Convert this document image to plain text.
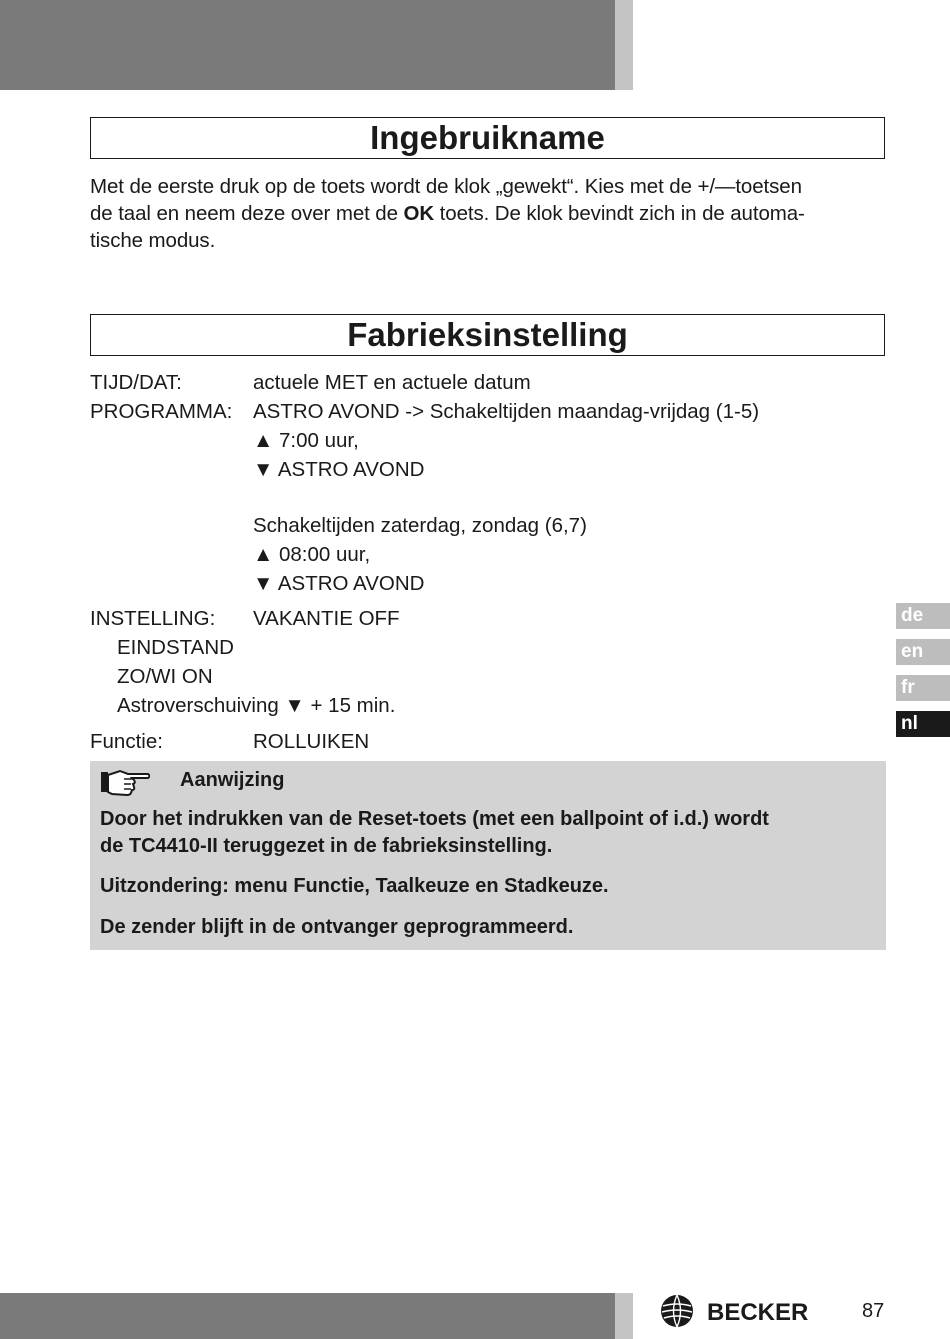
Ingebruikname
Met de eerste druk op de toets wordt de klok „gewekt“. Kies met de +/—toetsen
de taal en neem deze over met de OK toets. De klok bevindt zich in de automa-
tische modus.
Fabrieksinstelling
TIJD/DAT:	actuele MET en actuele datum
PROGRAMMA: ASTRO AVOND -> Schakeltijden maandag-vrijdag (1-5)
▲ 7:00 uur,
▼ ASTRO AVOND
Schakeltijden zaterdag, zondag (6,7)
▲ 08:00 uur,
▼ ASTRO AVOND
INSTELLING: VAKANTIE OFF
EINDSTAND
ZO/WI ON
Astroverschuiving ▼ + 15 min.
Functie:	ROLLUIKEN
Aanwijzing
Door het indrukken van de Reset-toets (met een ballpoint of i.d.) wordt
de TC4410-II teruggezet in de fabrieksinstelling.
Uitzondering: menu Functie, Taalkeuze en Stadkeuze.
De zender blijft in de ontvanger geprogrammeerd.
de
en
fr
nl
BECKER	87
